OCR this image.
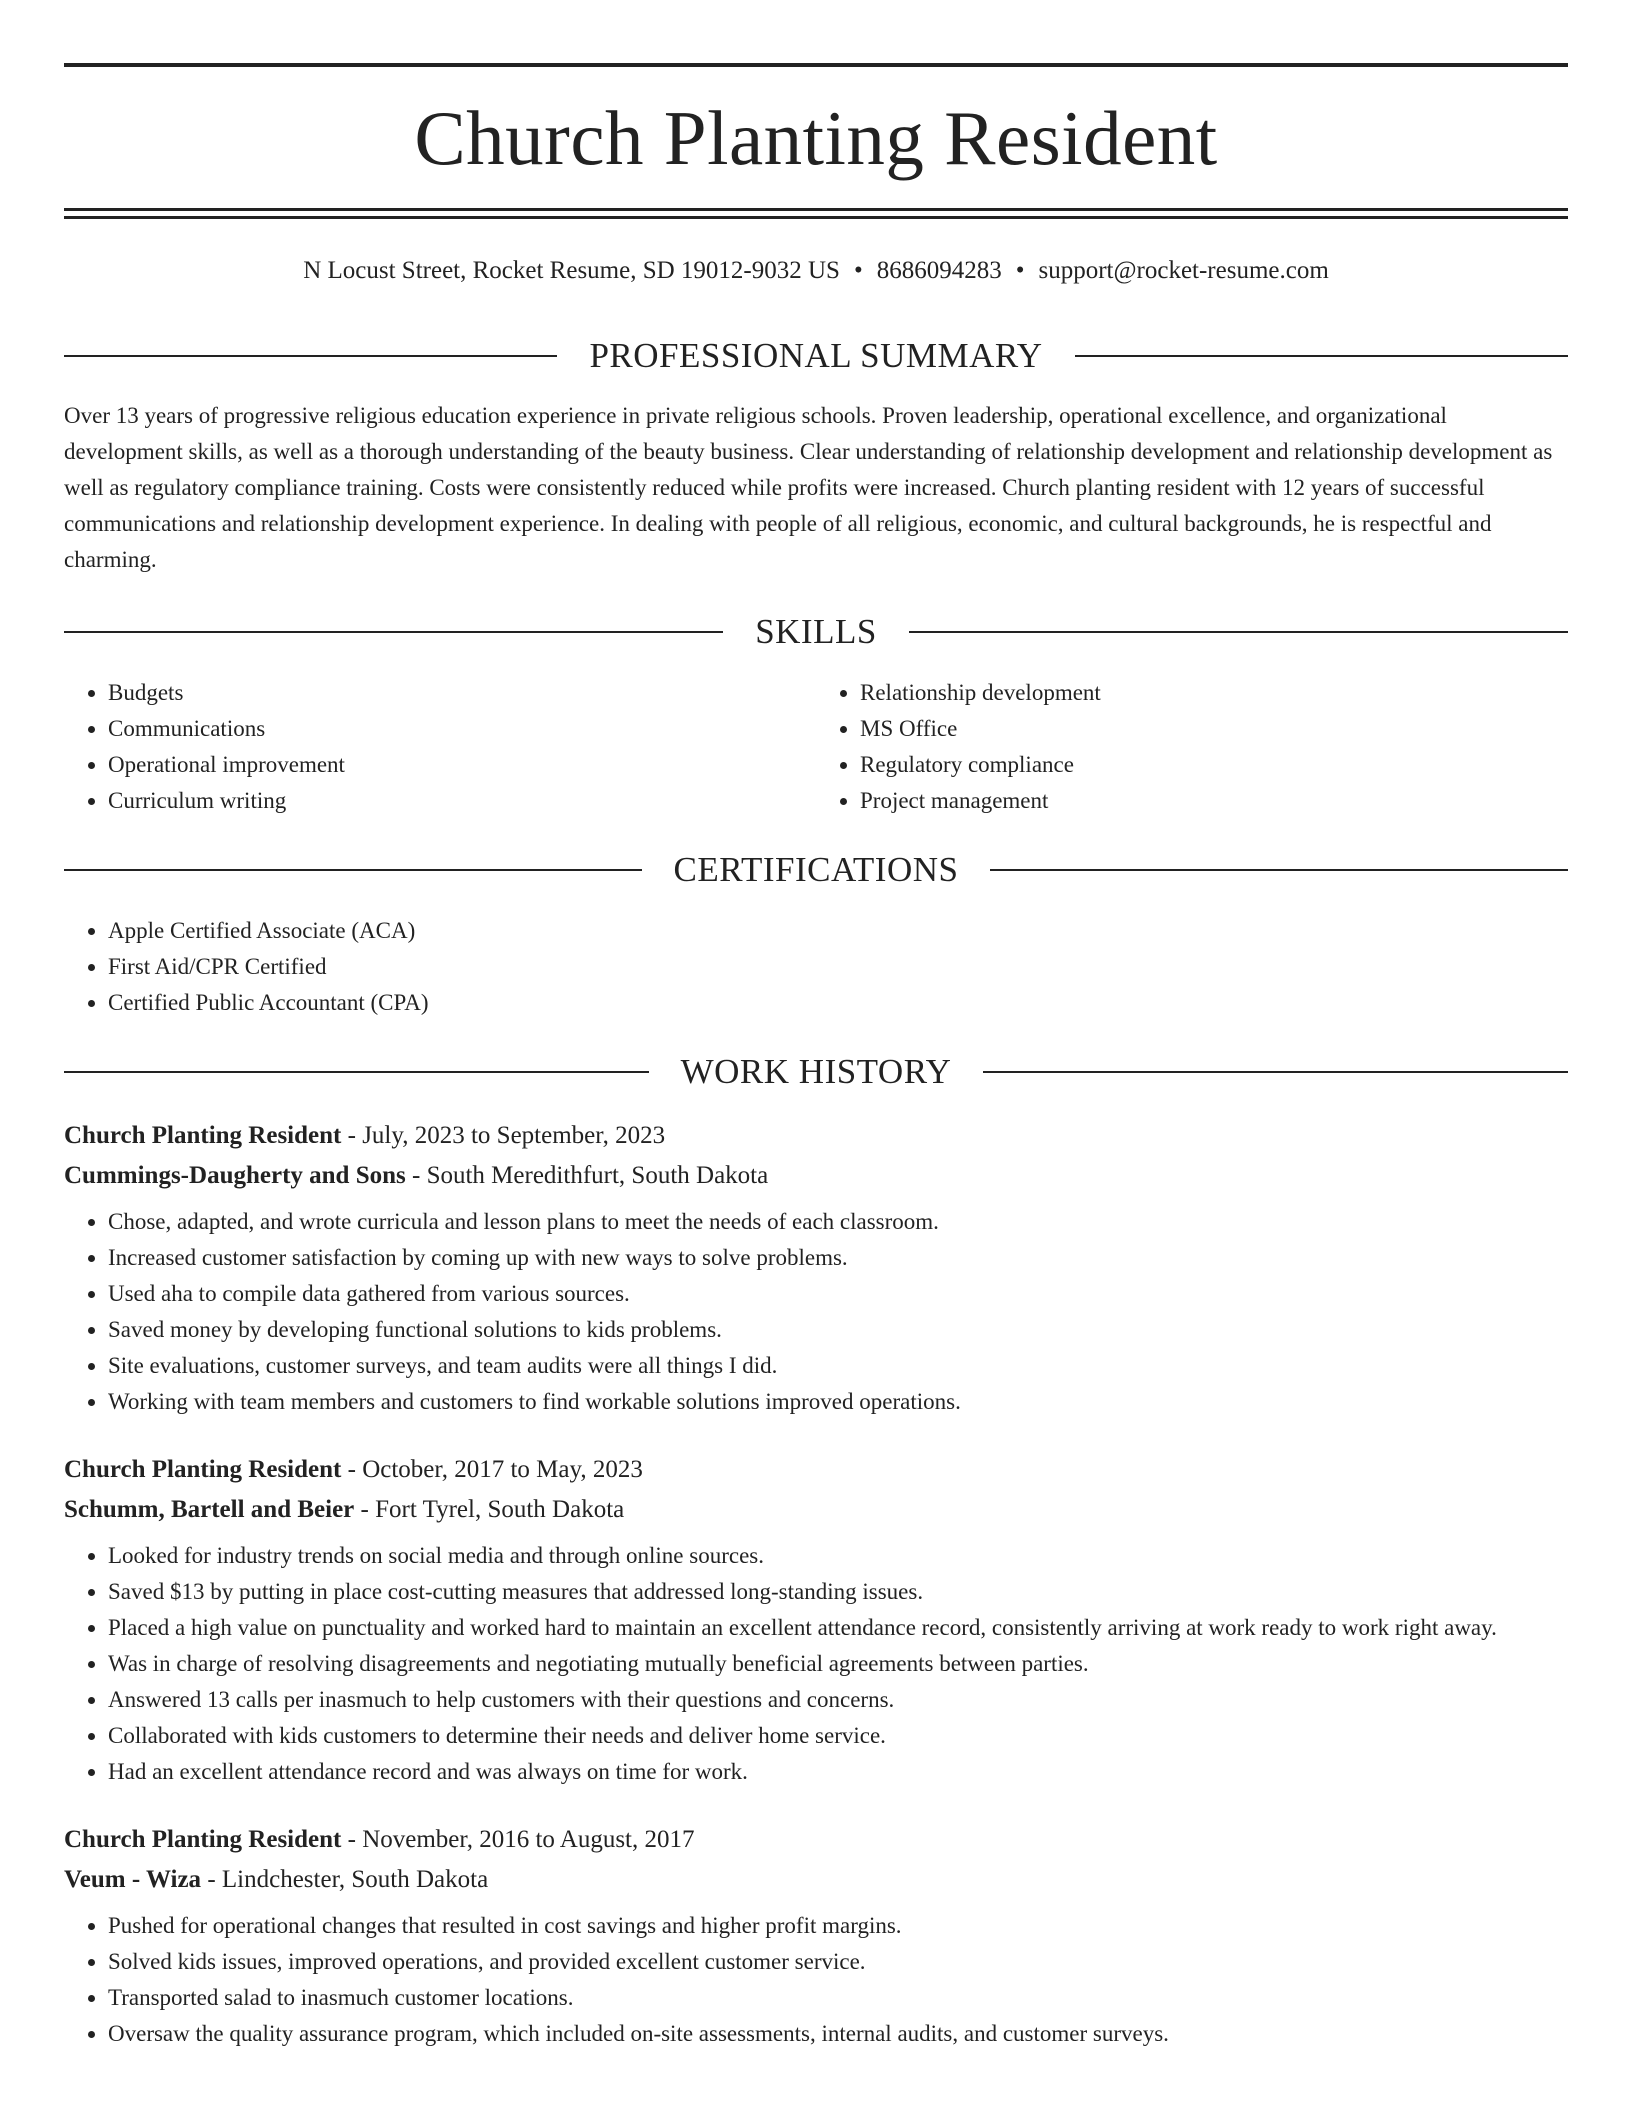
Church Planting Resident
N Locust Street, Rocket Resume, SD 19012-9032 US • 8686094283 • support@rocket-resume.com
PROFESSIONAL SUMMARY

Over 13 years of progressive religious education experience in private religious schools. Proven leadership, operational excellence, and organizational development skills, as well as a thorough understanding of the beauty business. Clear understanding of relationship development and relationship development as well as regulatory compliance training. Costs were consistently reduced while profits were increased. Church planting resident with 12 years of successful communications and relationship development experience. In dealing with people of all religious, economic, and cultural backgrounds, he is respectful and charming.

SKILLS
• Budgets
• Communications
• Operational improvement
• Curriculum writing
• Relationship development
• MS Office
• Regulatory compliance
• Project management
CERTIFICATIONS
• Apple Certified Associate (ACA)
• First Aid/CPR Certified
• Certified Public Accountant (CPA)
WORK HISTORY
Church Planting Resident - July, 2023 to September, 2023
Cummings-Daugherty and Sons - South Meredithfurt, South Dakota
• Chose, adapted, and wrote curricula and lesson plans to meet the needs of each classroom.
• Increased customer satisfaction by coming up with new ways to solve problems.
• Used aha to compile data gathered from various sources.
• Saved money by developing functional solutions to kids problems.
• Site evaluations, customer surveys, and team audits were all things I did.
• Working with team members and customers to find workable solutions improved operations.
Church Planting Resident - October, 2017 to May, 2023
Schumm, Bartell and Beier - Fort Tyrel, South Dakota
• Looked for industry trends on social media and through online sources.
• Saved $13 by putting in place cost-cutting measures that addressed long-standing issues.
• Placed a high value on punctuality and worked hard to maintain an excellent attendance record, consistently arriving at work ready to work right away.
• Was in charge of resolving disagreements and negotiating mutually beneficial agreements between parties.
• Answered 13 calls per inasmuch to help customers with their questions and concerns.
• Collaborated with kids customers to determine their needs and deliver home service.
• Had an excellent attendance record and was always on time for work.
Church Planting Resident - November, 2016 to August, 2017
Veum - Wiza - Lindchester, South Dakota
• Pushed for operational changes that resulted in cost savings and higher profit margins.
• Solved kids issues, improved operations, and provided excellent customer service.
• Transported salad to inasmuch customer locations.
• Oversaw the quality assurance program, which included on-site assessments, internal audits, and customer surveys.
